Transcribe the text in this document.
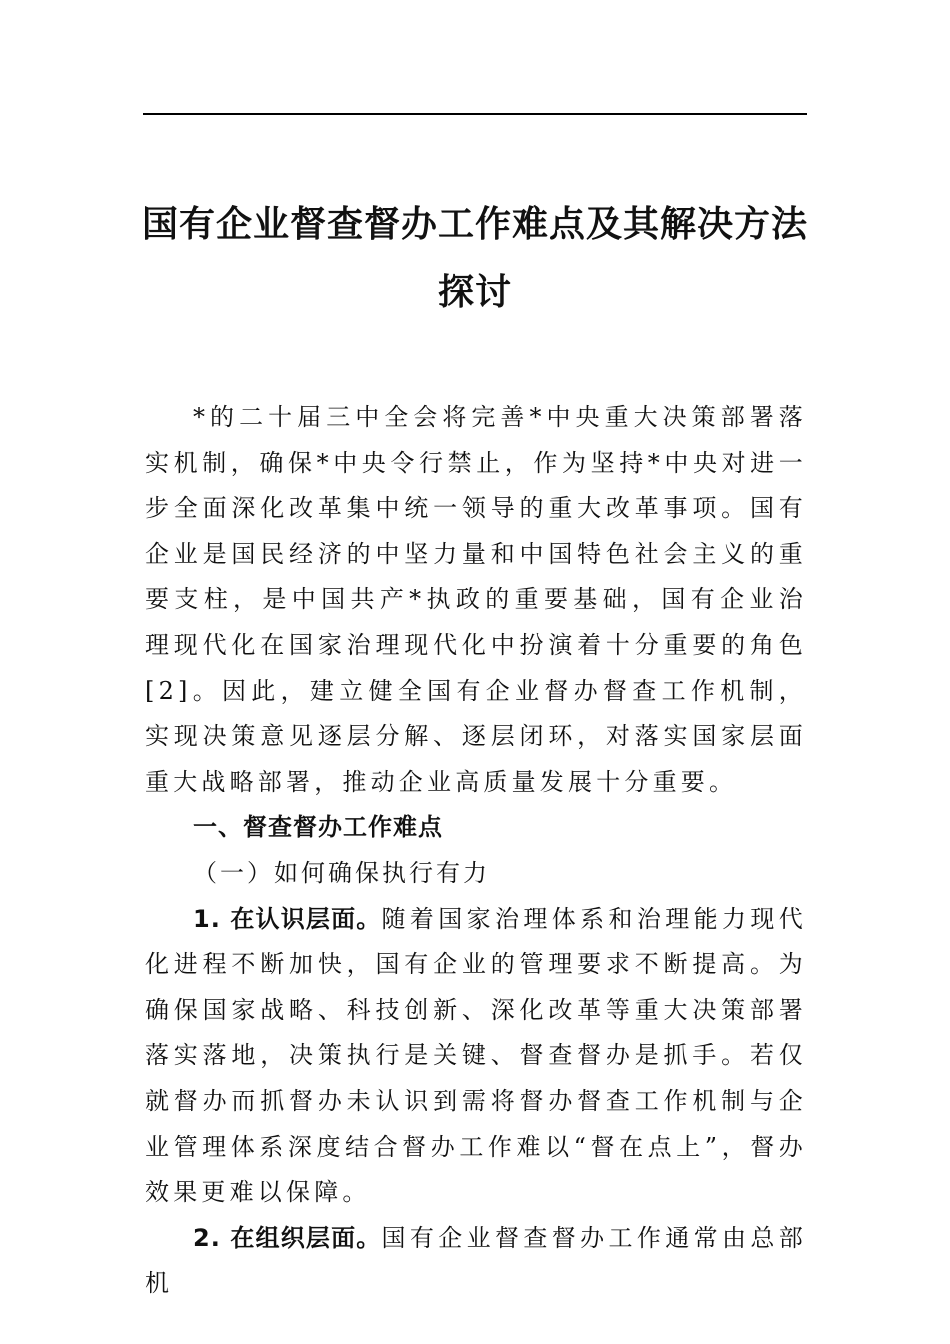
国有企业督查督办工作难点及其解决方法
探讨

*的二十届三中全会将完善*中央重大决策部署落实机制，确保*中央令行禁止，作为坚持*中央对进一步全面深化改革集中统一领导的重大改革事项。国有企业是国民经济的中坚力量和中国特色社会主义的重要支柱，是中国共产*执政的重要基础，国有企业治理现代化在国家治理现代化中扮演着十分重要的角色[2]。因此，建立健全国有企业督办督查工作机制，实现决策意见逐层分解、逐层闭环，对落实国家层面重大战略部署，推动企业高质量发展十分重要。

一、督查督办工作难点

（一）如何确保执行有力

1. 在认识层面。随着国家治理体系和治理能力现代化进程不断加快，国有企业的管理要求不断提高。为确保国家战略、科技创新、深化改革等重大决策部署落实落地，决策执行是关键、督查督办是抓手。若仅就督办而抓督办未认识到需将督办督查工作机制与企业管理体系深度结合督办工作难以“督在点上”，督办效果更难以保障。

2. 在组织层面。国有企业督查督办工作通常由总部机
